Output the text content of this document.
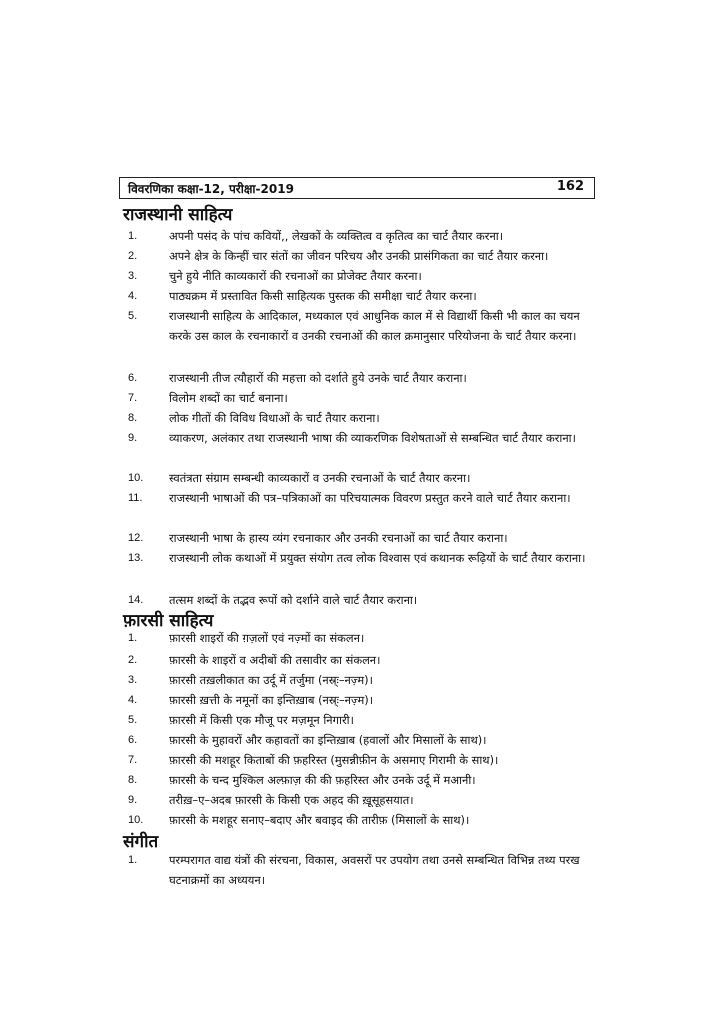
विवरणिका कक्षा-12, परीक्षा-2019	162
राजस्थानी साहित्य
1.	अपनी पसंद के पांच कवियों,, लेखकों के व्यक्तित्व व कृतित्व का चार्ट तैयार करना।
2.	अपने क्षेत्र के किन्हीं चार संतों का जीवन परिचय और उनकी प्रासंगिकता का चार्ट तैयार करना।
3.	चुने हुये नीति काव्यकारों की रचनाओं का प्रोजेक्ट तैयार करना।
4.	पाठ्यक्रम में प्रस्तावित किसी साहित्यक पुस्तक की समीक्षा चार्ट तैयार करना।
5.	राजस्थानी साहित्य के आदिकाल, मध्यकाल एवं आधुनिक काल में से विद्यार्थी किसी भी काल का चयन करके उस काल के रचनाकारों व उनकी रचनाओं की काल क्रमानुसार परियोजना के चार्ट तैयार करना।
6.	राजस्थानी तीज त्यौहारों की महत्ता को दर्शाते हुये उनके चार्ट तैयार कराना।
7.	विलोम शब्दों का चार्ट बनाना।
8.	लोक गीतों की विविध विधाओं के चार्ट तैयार कराना।
9.	व्याकरण, अलंकार तथा राजस्थानी भाषा की व्याकरणिक विशेषताओं से सम्बन्धित चार्ट तैयार कराना।
10. स्वतंत्रता संग्राम सम्बन्धी काव्यकारों व उनकी रचनाओं के चार्ट तैयार करना।
11. राजस्थानी भाषाओं की पत्र–पत्रिकाओं का परिचयात्मक विवरण प्रस्तुत करने वाले चार्ट तैयार कराना।
12. राजस्थानी भाषा के हास्य व्यंग रचनाकार और उनकी रचनाओं का चार्ट तैयार कराना।
13. राजस्थानी लोक कथाओं में प्रयुक्त संयोग तत्व लोक विश्वास एवं कथानक रूढ़ियों के चार्ट तैयार कराना।
14. तत्सम शब्दों के तद्भव रूपों को दर्शाने वाले चार्ट तैयार कराना।
फ़ारसी साहित्य
1.	फ़ारसी शाइरों की ग़ज़लों एवं नज़्मों का संकलन।
2.	फ़ारसी के शाइरों व अदीबों की तसावीर का संकलन।
3.	फ़ारसी तख़लीकात का उर्दू में तर्जुमा (नस्र्ः–नज़्म)।
4.	फ़ारसी ख़त्ती के नमूनों का इन्तिख़ाब (नस्र्ः–नज़्म)।
5.	फ़ारसी में किसी एक मौजू पर मज़मून निगारी।
6.	फ़ारसी के मुहावरों और कहावतों का इन्तिख़ाब (हवालों और मिसालों के साथ)।
7.	फ़ारसी की मशहूर किताबों की फ़हरिस्त (मुसन्नीफ़ीन के असमाए गिरामी के साथ)।
8.	फ़ारसी के चन्द मुश्किल अल्फ़ाज़ की की फ़हरिस्त और उनके उर्दू में मआनी।
9.	तरीख़–ए–अदब फ़ारसी के किसी एक अहद की ख़ूसूहसयात।
10. फ़ारसी के मशहूर सनाए–बदाए और बवाइद की तारीफ़ (मिसालों के साथ)।
संगीत
1.	परम्परागत वाद्य यंत्रों की संरचना, विकास, अवसरों पर उपयोग तथा उनसे सम्बन्धित विभिन्न तथ्य परख घटनाक्रमों का अध्ययन।
